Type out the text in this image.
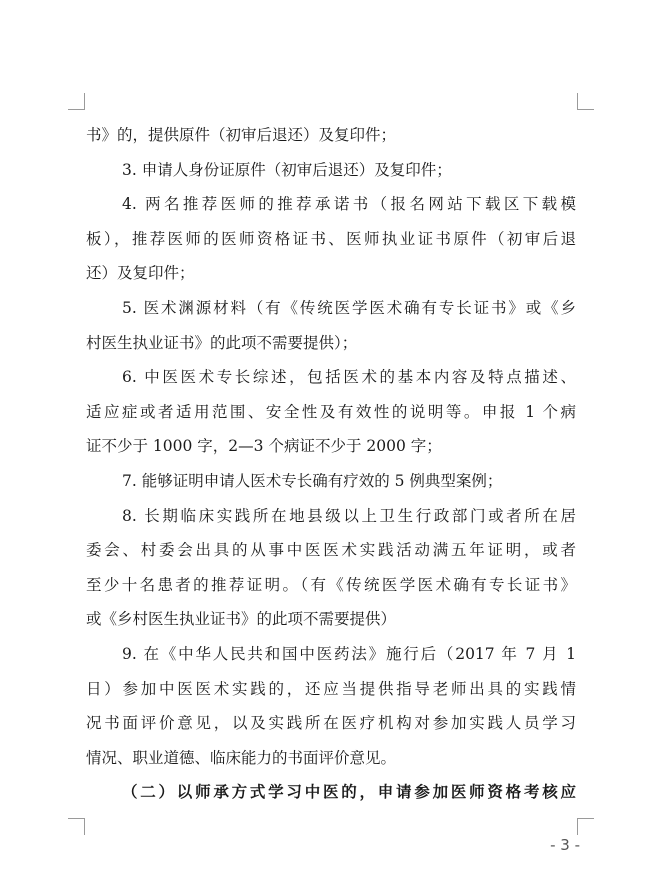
书》的，提供原件（初审后退还）及复印件；
3. 申请人身份证原件（初审后退还）及复印件；
4. 两名推荐医师的推荐承诺书（报名网站下载区下载模
板），推荐医师的医师资格证书、医师执业证书原件（初审后退
还）及复印件；
5. 医术渊源材料（有《传统医学医术确有专长证书》或《乡
村医生执业证书》的此项不需要提供）；
6. 中医医术专长综述，包括医术的基本内容及特点描述、
适应症或者适用范围、安全性及有效性的说明等。申报 1 个病
证不少于 1000 字，2—3 个病证不少于 2000 字；
7. 能够证明申请人医术专长确有疗效的 5 例典型案例；
8. 长期临床实践所在地县级以上卫生行政部门或者所在居
委会、村委会出具的从事中医医术实践活动满五年证明，或者
至少十名患者的推荐证明。（有《传统医学医术确有专长证书》
或《乡村医生执业证书》的此项不需要提供）
9. 在《中华人民共和国中医药法》施行后（2017 年 7 月 1
日）参加中医医术实践的，还应当提供指导老师出具的实践情
况书面评价意见，以及实践所在医疗机构对参加实践人员学习
情况、职业道德、临床能力的书面评价意见。
（二）以师承方式学习中医的，申请参加医师资格考核应
- 3 -
